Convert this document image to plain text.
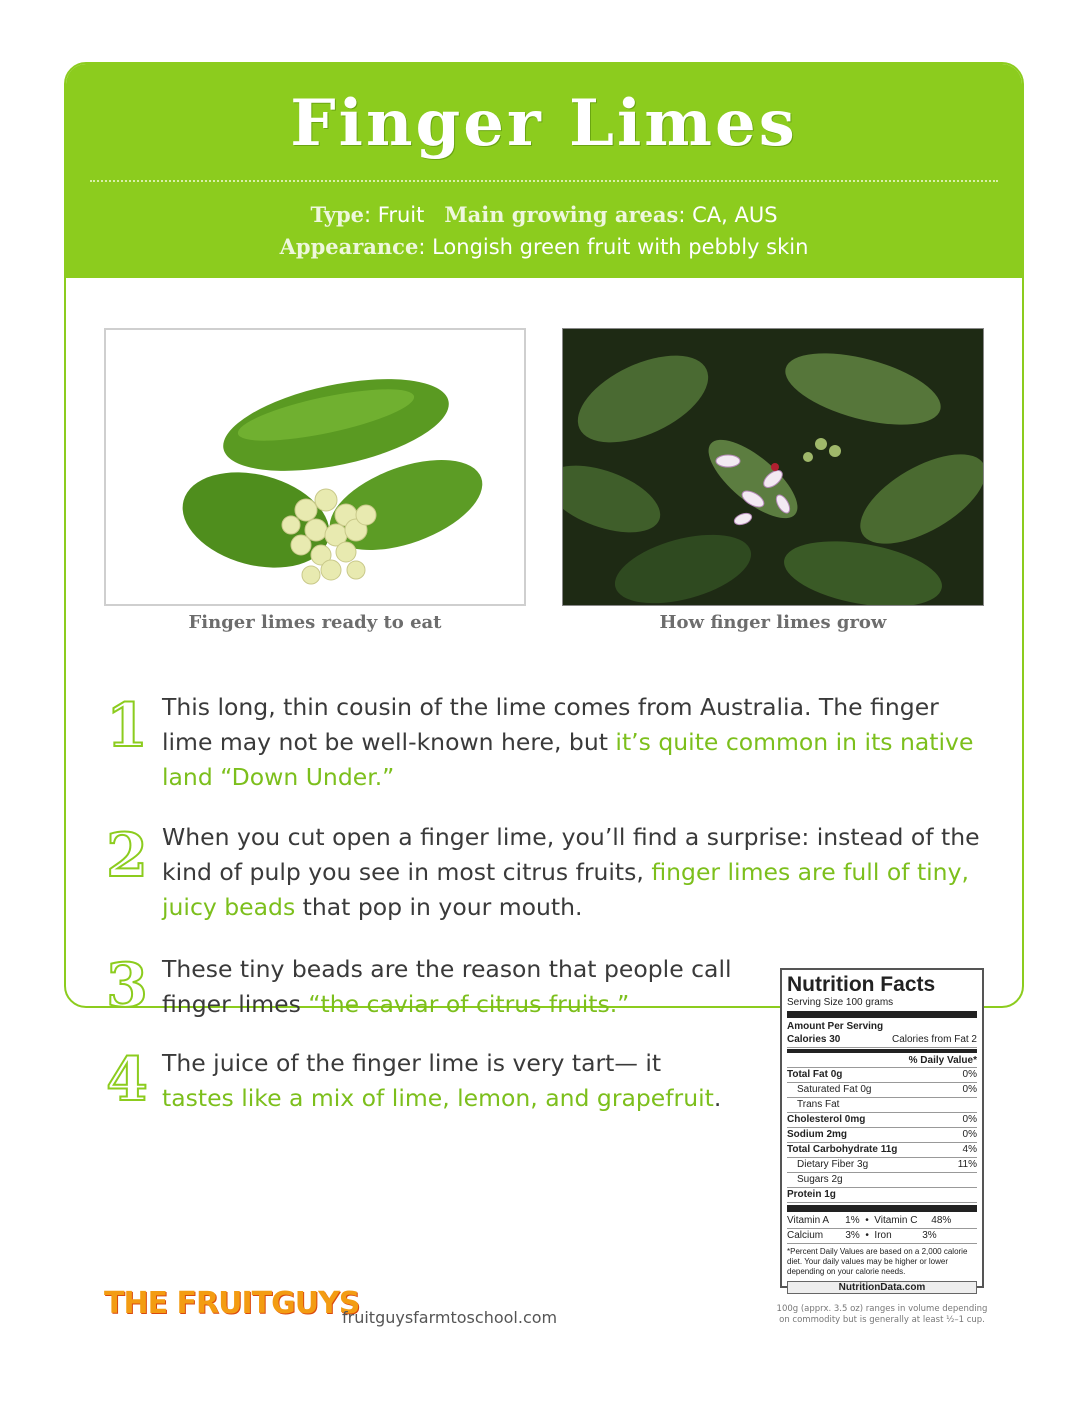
Finger Limes
Type: Fruit Main growing areas: CA, AUS
Appearance: Longish green fruit with pebbly skin
Finger limes ready to eat	How finger limes grow
1 This long, thin cousin of the lime comes from Australia. The finger lime may not be well-known here, but it’s quite common in its native land “Down Under.”
2 When you cut open a finger lime, you’ll find a surprise: instead of the kind of pulp you see in most citrus fruits, finger limes are full of tiny, juicy beads that pop in your mouth.
3 These tiny beads are the reason that people call finger limes “the caviar of citrus fruits.”
4 The juice of the finger lime is very tart— it tastes like a mix of lime, lemon, and grapefruit.
Nutrition Facts
Serving Size 100 grams
Amount Per Serving
Calories 30	Calories from Fat 2
% Daily Value*
Total Fat 0g	0%
Saturated Fat 0g	0%
Trans Fat
Cholesterol 0mg	0%
Sodium 2mg	0%
Total Carbohydrate 11g	4%
Dietary Fiber 3g	11%
Sugars 2g
Protein 1g
Vitamin A      1%  •  Vitamin C     48%
Calcium        3%  •  Iron           3%
*Percent Daily Values are based on a 2,000 calorie diet. Your daily values may be higher or lower depending on your calorie needs.
NutritionData.com
100g (apprx. 3.5 oz) ranges in volume depending on commodity but is generally at least ½–1 cup.
THE FRUITGUYS
fruitguysfarmtoschool.com
